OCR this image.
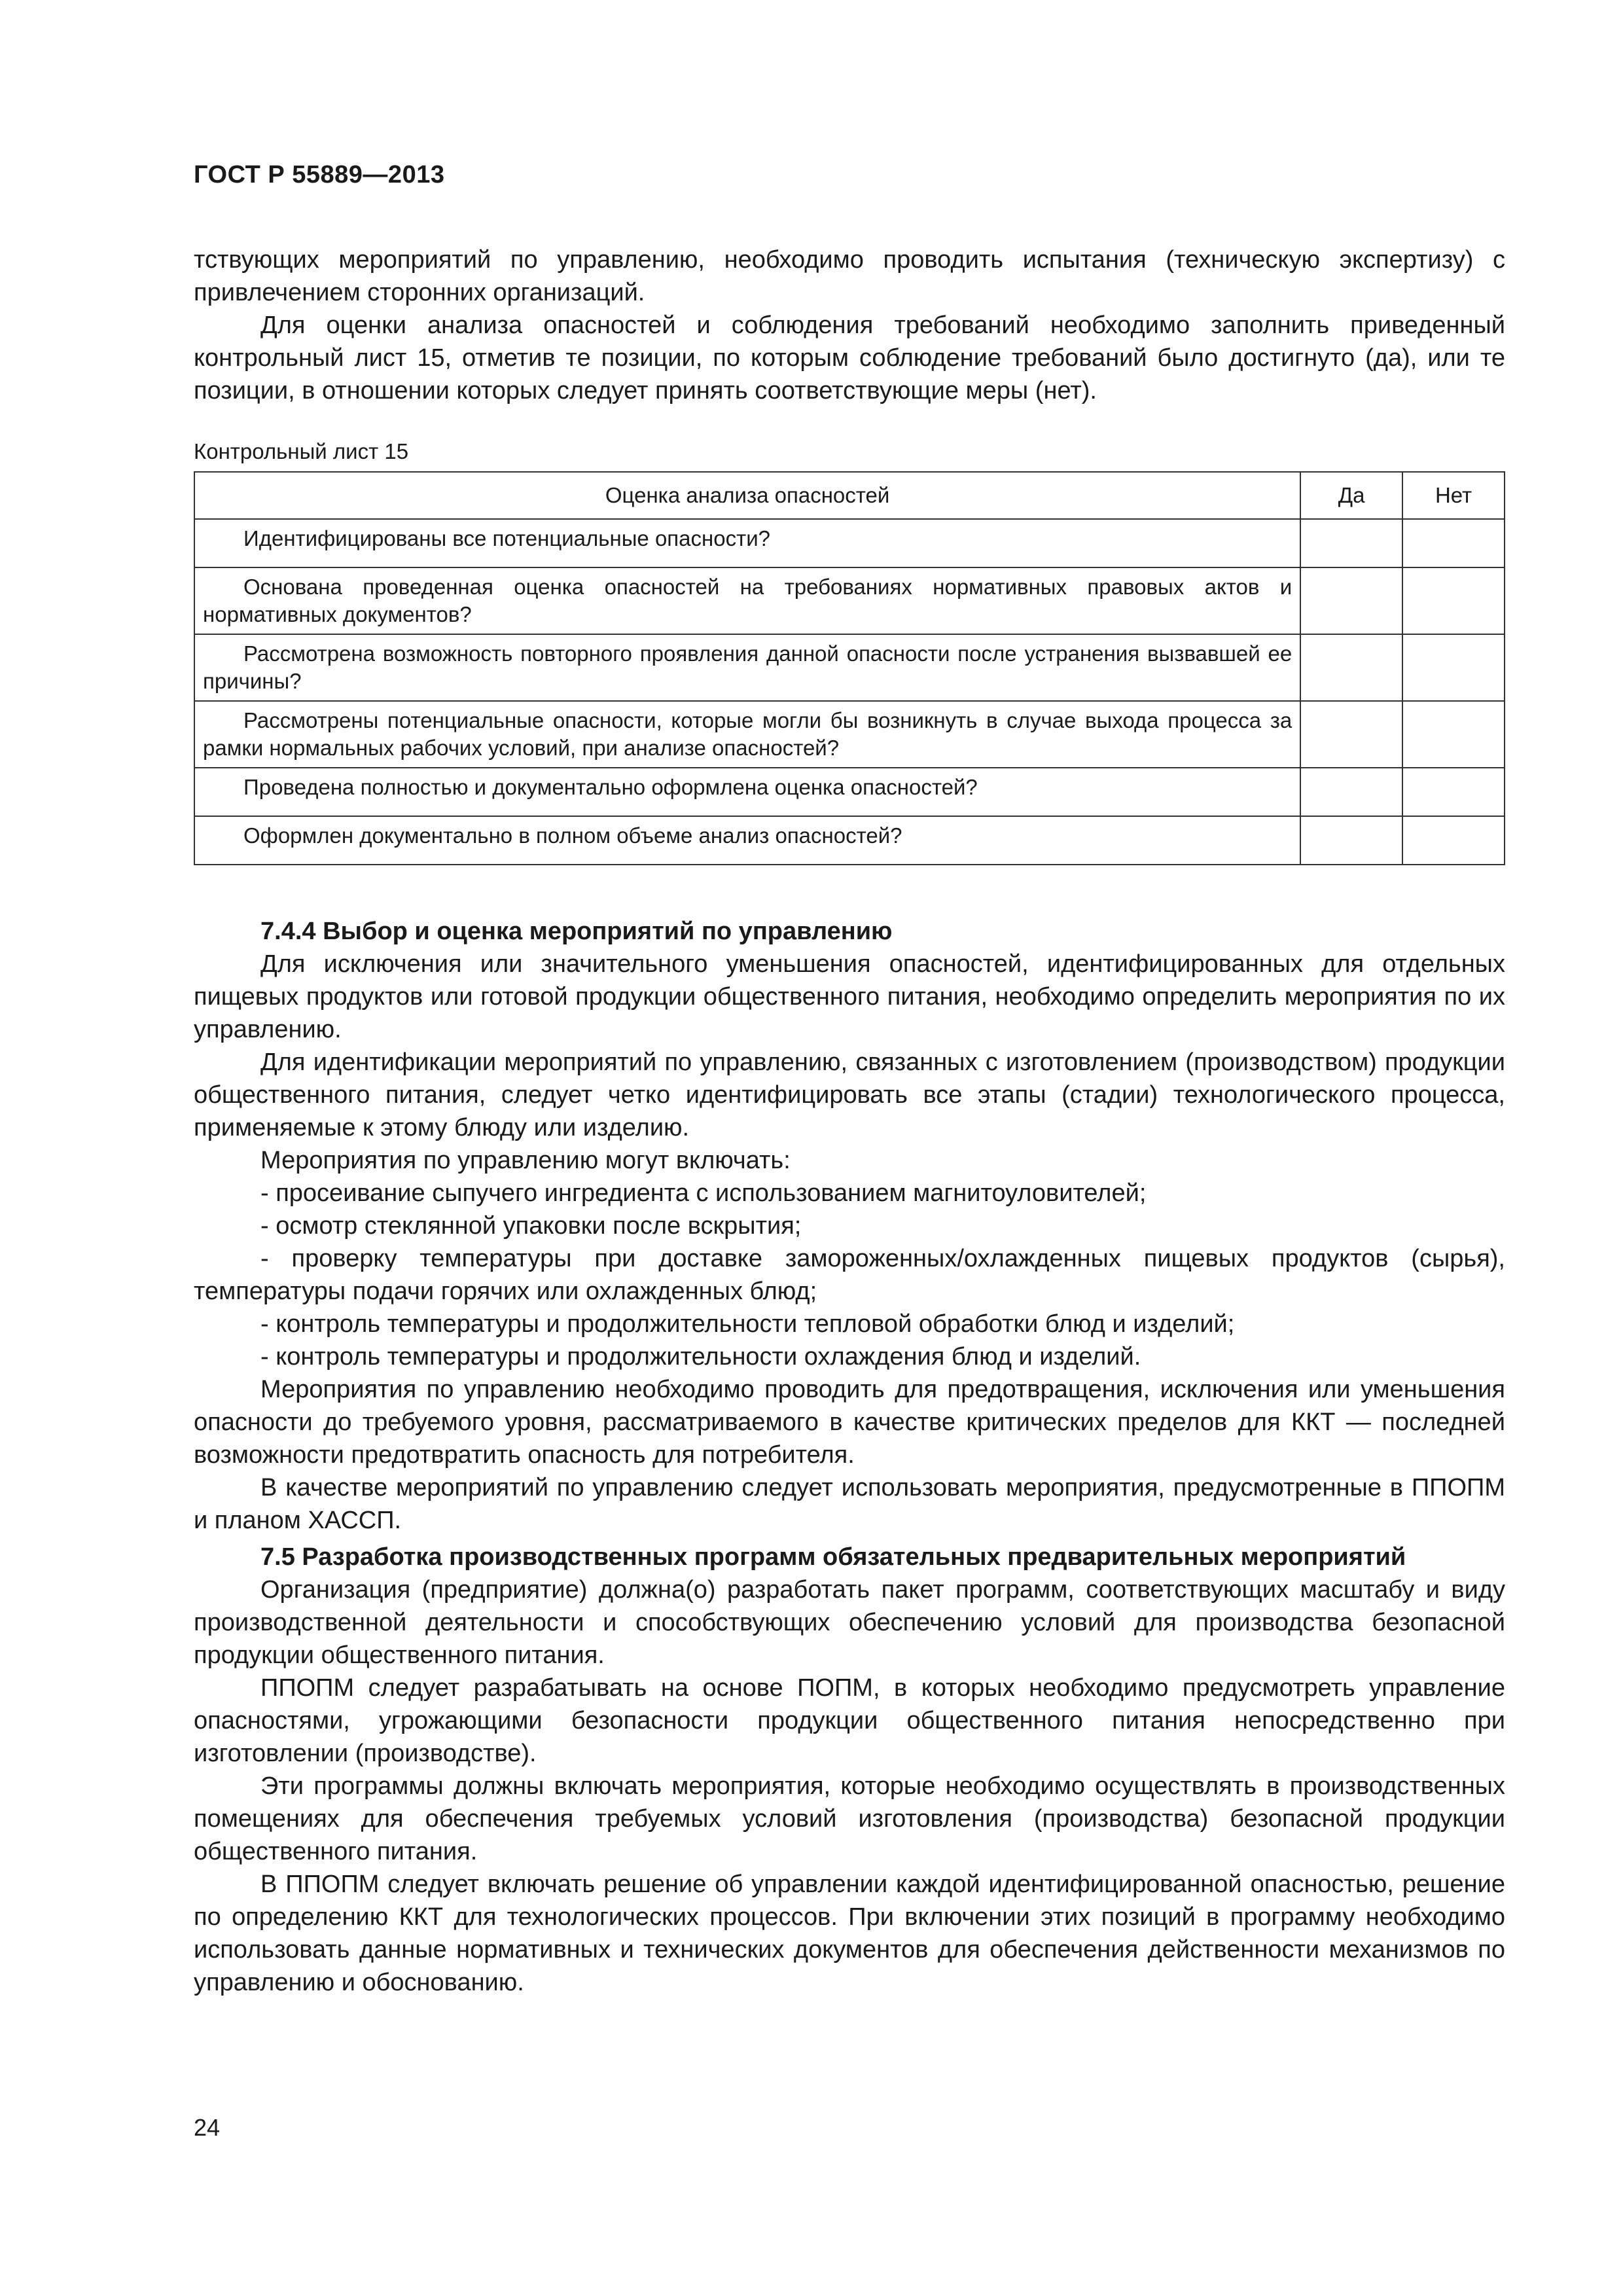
ГОСТ Р 55889—2013

тствующих мероприятий по управлению, необходимо проводить испытания (техническую экспертизу) с привлечением сторонних организаций.

Для оценки анализа опасностей и соблюдения требований необходимо заполнить приведенный контрольный лист 15, отметив те позиции, по которым соблюдение требований было достигнуто (да), или те позиции, в отношении которых следует принять соответствующие меры (нет).

Контрольный лист 15
Оценка анализа опасностей	Да	Нет
Идентифицированы все потенциальные опасности?		
Основана проведенная оценка опасностей на требованиях нормативных правовых актов и нормативных документов?		
Рассмотрена возможность повторного проявления данной опасности после устранения вызвавшей ее причины?		
Рассмотрены потенциальные опасности, которые могли бы возникнуть в случае выхода процесса за рамки нормальных рабочих условий, при анализе опасностей?		
Проведена полностью и документально оформлена оценка опасностей?		
Оформлен документально в полном объеме анализ опасностей?		
7.4.4 Выбор и оценка мероприятий по управлению

Для исключения или значительного уменьшения опасностей, идентифицированных для отдельных пищевых продуктов или готовой продукции общественного питания, необходимо определить мероприятия по их управлению.

Для идентификации мероприятий по управлению, связанных с изготовлением (производством) продукции общественного питания, следует четко идентифицировать все этапы (стадии) технологического процесса, применяемые к этому блюду или изделию.

Мероприятия по управлению могут включать:

- просеивание сыпучего ингредиента с использованием магнитоуловителей;

- осмотр стеклянной упаковки после вскрытия;

- проверку температуры при доставке замороженных/охлажденных пищевых продуктов (сырья), температуры подачи горячих или охлажденных блюд;

- контроль температуры и продолжительности тепловой обработки блюд и изделий;

- контроль температуры и продолжительности охлаждения блюд и изделий.

Мероприятия по управлению необходимо проводить для предотвращения, исключения или уменьшения опасности до требуемого уровня, рассматриваемого в качестве критических пределов для ККТ — последней возможности предотвратить опасность для потребителя.

В качестве мероприятий по управлению следует использовать мероприятия, предусмотренные в ППОПМ и планом ХАССП.

7.5 Разработка производственных программ обязательных предварительных мероприятий

Организация (предприятие) должна(о) разработать пакет программ, соответствующих масштабу и виду производственной деятельности и способствующих обеспечению условий для производства безопасной продукции общественного питания.

ППОПМ следует разрабатывать на основе ПОПМ, в которых необходимо предусмотреть управление опасностями, угрожающими безопасности продукции общественного питания непосредственно при изготовлении (производстве).

Эти программы должны включать мероприятия, которые необходимо осуществлять в производственных помещениях для обеспечения требуемых условий изготовления (производства) безопасной продукции общественного питания.

В ППОПМ следует включать решение об управлении каждой идентифицированной опасностью, решение по определению ККТ для технологических процессов. При включении этих позиций в программу необходимо использовать данные нормативных и технических документов для обеспечения действенности механизмов по управлению и обоснованию.

24
